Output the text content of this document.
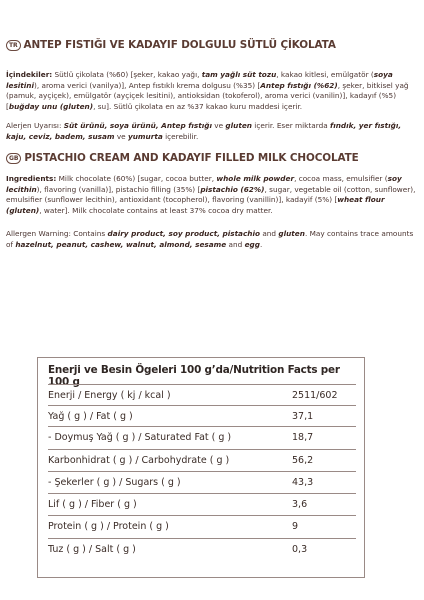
TR ANTEP FISTIĞI VE KADAYIF DOLGULU SÜTLÜ ÇİKOLATA
İçindekiler: Sütlü çikolata (%60) [şeker, kakao yağı, tam yağlı süt tozu, kakao kitlesi, emülgatör (soya lesitini), aroma verici (vanilya)], Antep fıstıklı krema dolgusu (%35) [Antep fıstığı (%62), şeker, bitkisel yağ (pamuk, ayçiçek), emülgatör (ayçiçek lesitini), antioksidan (tokoferol), aroma verici (vanilin)], kadayıf (%5) [buğday unu (gluten), su]. Sütlü çikolata en az %37 kakao kuru maddesi içerir.
Alerjen Uyarısı: Süt ürünü, soya ürünü, Antep fıstığı ve gluten içerir. Eser miktarda fındık, yer fıstığı, kaju, ceviz, badem, susam ve yumurta içerebilir.
GB PISTACHIO CREAM AND KADAYIF FILLED MILK CHOCOLATE
Ingredients: Milk chocolate (60%) [sugar, cocoa butter, whole milk powder, cocoa mass, emulsifier (soy lecithin), flavoring (vanilla)], pistachio filling (35%) [pistachio (62%), sugar, vegetable oil (cotton, sunflower), emulsifier (sunflower lecithin), antioxidant (tocopherol), flavoring (vanillin)], kadayif (5%) [wheat flour (gluten), water]. Milk chocolate contains at least 37% cocoa dry matter.
Allergen Warning: Contains dairy product, soy product, pistachio and gluten. May contains trace amounts of hazelnut, peanut, cashew, walnut, almond, sesame and egg.
Enerji ve Besin Ögeleri 100 g’da/Nutrition Facts per 100 g
Enerji / Energy ( kj / kcal )	2511/602
Yağ ( g ) / Fat ( g )	37,1
- Doymuş Yağ ( g ) / Saturated Fat ( g )	18,7
Karbonhidrat ( g ) / Carbohydrate ( g )	56,2
- Şekerler ( g ) / Sugars ( g )	43,3
Lif ( g ) / Fiber ( g )	3,6
Protein ( g ) / Protein ( g )	9
Tuz ( g ) / Salt ( g )	0,3
